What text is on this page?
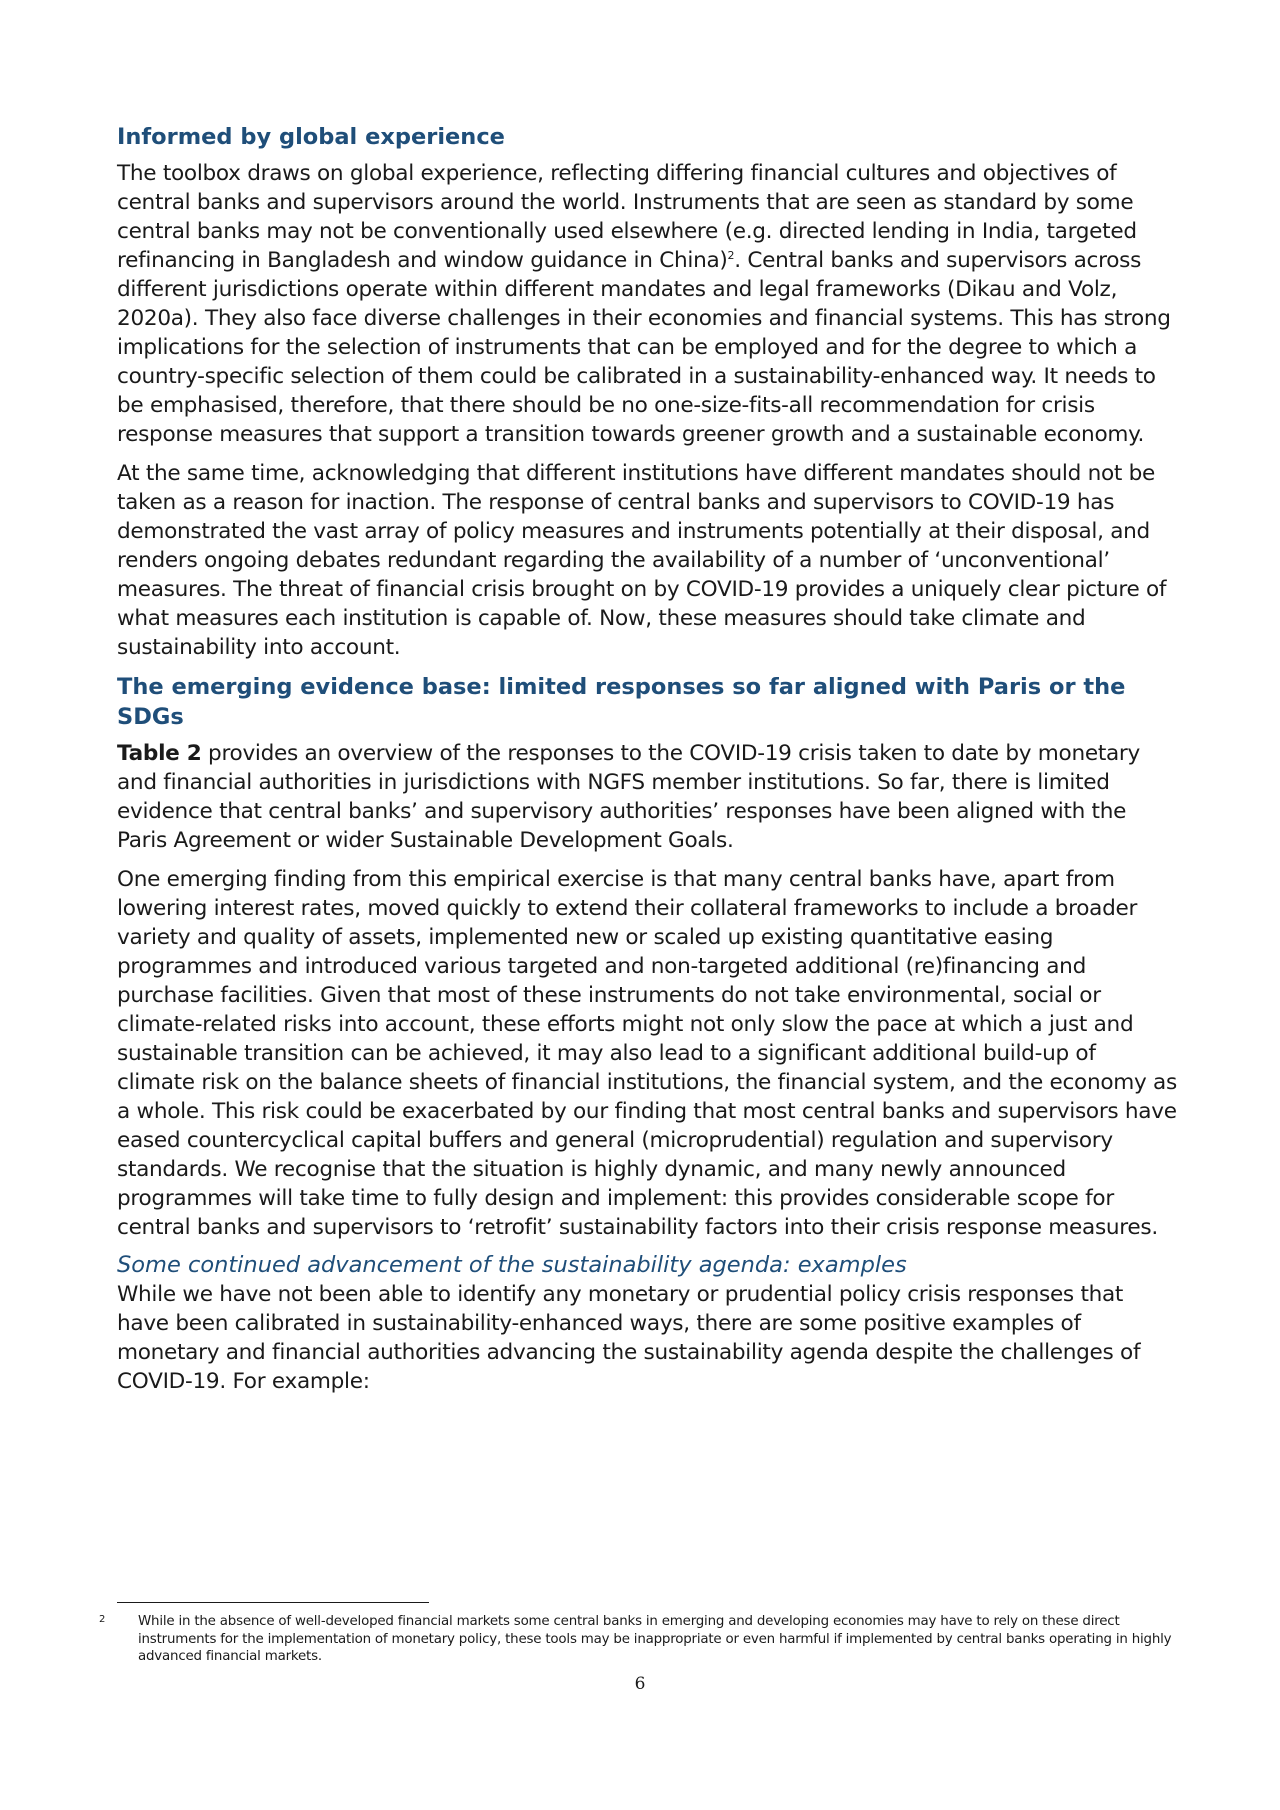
Informed by global experience

The toolbox draws on global experience, reflecting differing financial cultures and objectives of central banks and supervisors around the world. Instruments that are seen as standard by some central banks may not be conventionally used elsewhere (e.g. directed lending in India, targeted refinancing in Bangladesh and window guidance in China)$^2$. Central banks and supervisors across different jurisdictions operate within different mandates and legal frameworks (Dikau and Volz, 2020a). They also face diverse challenges in their economies and financial systems. This has strong implications for the selection of instruments that can be employed and for the degree to which a country-specific selection of them could be calibrated in a sustainability-enhanced way. It needs to be emphasised, therefore, that there should be no one-size-fits-all recommendation for crisis response measures that support a transition towards greener growth and a sustainable economy.

At the same time, acknowledging that different institutions have different mandates should not be taken as a reason for inaction. The response of central banks and supervisors to COVID-19 has demonstrated the vast array of policy measures and instruments potentially at their disposal, and renders ongoing debates redundant regarding the availability of a number of ‘unconventional’ measures. The threat of financial crisis brought on by COVID-19 provides a uniquely clear picture of what measures each institution is capable of. Now, these measures should take climate and sustainability into account.

The emerging evidence base: limited responses so far aligned with Paris or the SDGs

Table 2 provides an overview of the responses to the COVID-19 crisis taken to date by monetary and financial authorities in jurisdictions with NGFS member institutions. So far, there is limited evidence that central banks’ and supervisory authorities’ responses have been aligned with the Paris Agreement or wider Sustainable Development Goals.

One emerging finding from this empirical exercise is that many central banks have, apart from lowering interest rates, moved quickly to extend their collateral frameworks to include a broader variety and quality of assets, implemented new or scaled up existing quantitative easing programmes and introduced various targeted and non-targeted additional (re)financing and purchase facilities. Given that most of these instruments do not take environmental, social or climate-related risks into account, these efforts might not only slow the pace at which a just and sustainable transition can be achieved, it may also lead to a significant additional build-up of climate risk on the balance sheets of financial institutions, the financial system, and the economy as a whole. This risk could be exacerbated by our finding that most central banks and supervisors have eased countercyclical capital buffers and general (microprudential) regulation and supervisory standards. We recognise that the situation is highly dynamic, and many newly announced programmes will take time to fully design and implement: this provides considerable scope for central banks and supervisors to ‘retrofit’ sustainability factors into their crisis response measures.

Some continued advancement of the sustainability agenda: examples

While we have not been able to identify any monetary or prudential policy crisis responses that have been calibrated in sustainability-enhanced ways, there are some positive examples of monetary and financial authorities advancing the sustainability agenda despite the challenges of COVID-19. For example:

2	While in the absence of well-developed financial markets some central banks in emerging and developing economies may have to rely on these direct instruments for the implementation of monetary policy, these tools may be inappropriate or even harmful if implemented by central banks operating in highly advanced financial markets.
6
